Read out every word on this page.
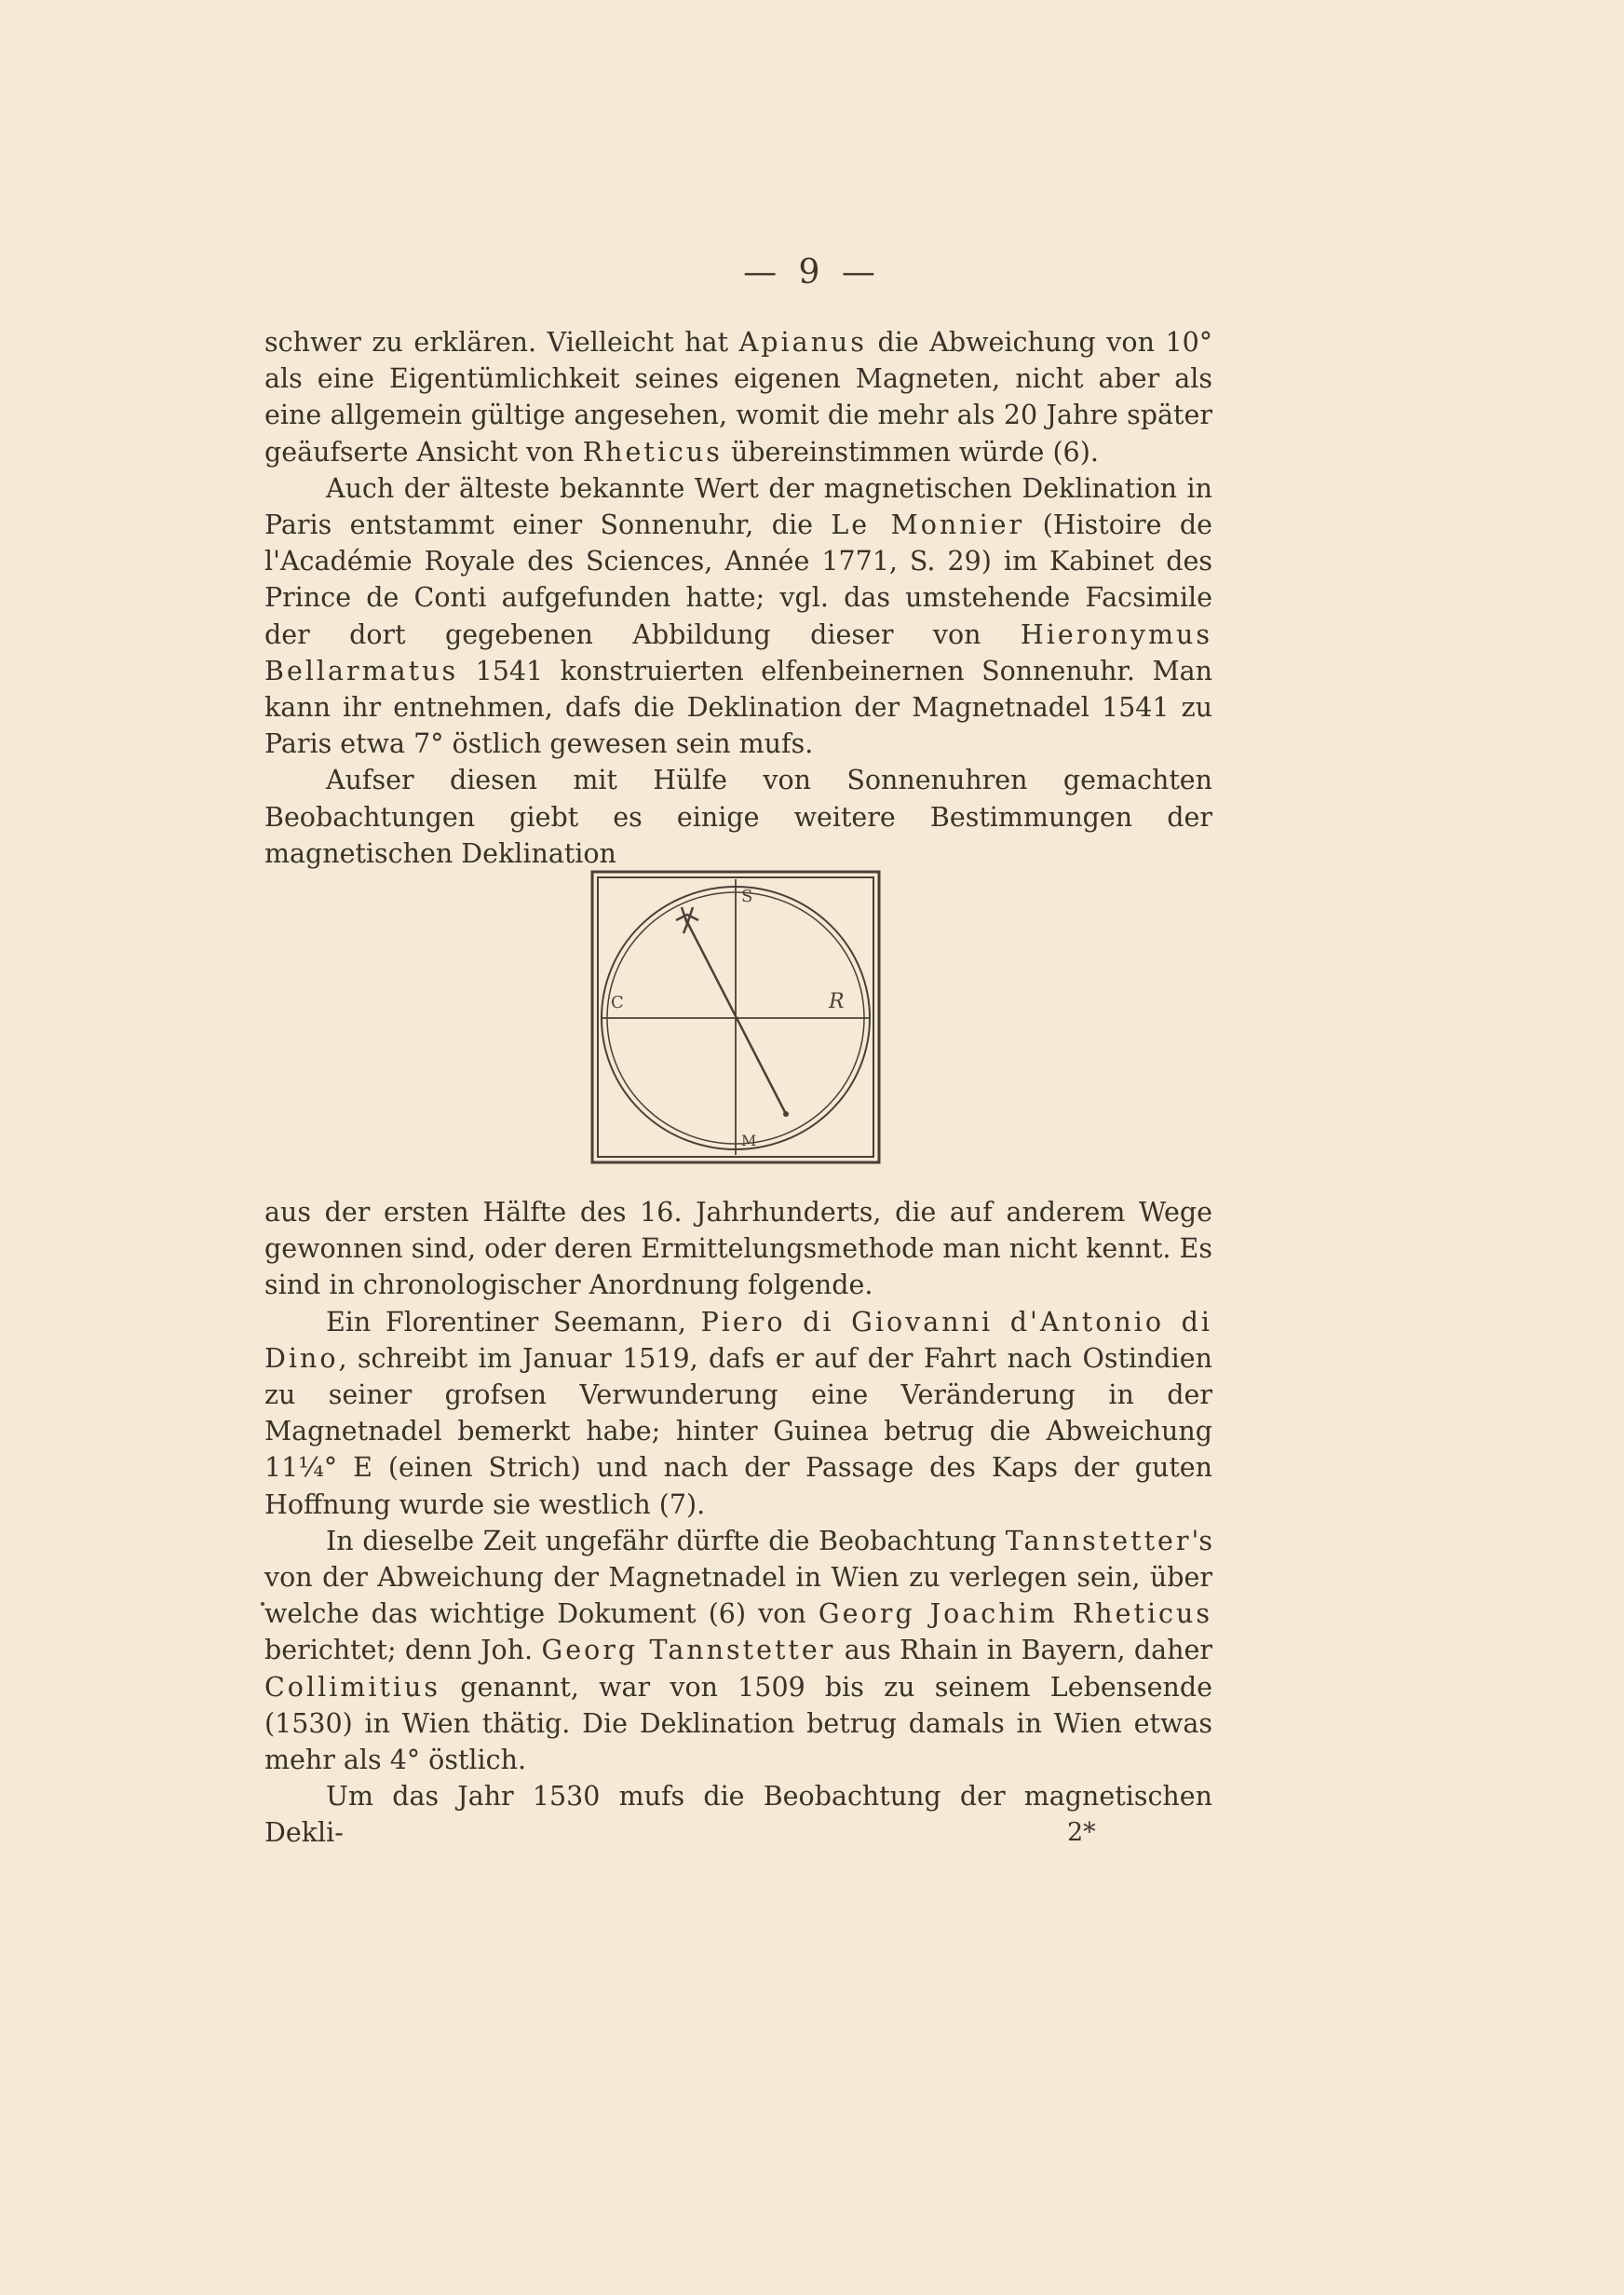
— 9 —

schwer zu erklären. Vielleicht hat Apianus die Abweichung von 10° als eine Eigentümlichkeit seines eigenen Magneten, nicht aber als eine allgemein gültige angesehen, womit die mehr als 20 Jahre später geäufserte Ansicht von Rheticus übereinstimmen würde (6).

Auch der älteste bekannte Wert der magnetischen Deklination in Paris entstammt einer Sonnenuhr, die Le Monnier (Histoire de l'Académie Royale des Sciences, Année 1771, S. 29) im Kabinet des Prince de Conti aufgefunden hatte; vgl. das umstehende Facsimile der dort gegebenen Abbildung dieser von Hieronymus Bellarmatus 1541 konstruierten elfenbeinernen Sonnenuhr. Man kann ihr entnehmen, dafs die Deklination der Magnetnadel 1541 zu Paris etwa 7° östlich gewesen sein mufs.

Aufser diesen mit Hülfe von Sonnenuhren gemachten Beobachtungen giebt es einige weitere Bestimmungen der magnetischen Deklination

S
C	R
M

aus der ersten Hälfte des 16. Jahrhunderts, die auf anderem Wege gewonnen sind, oder deren Ermittelungsmethode man nicht kennt. Es sind in chronologischer Anordnung folgende.

Ein Florentiner Seemann, Piero di Giovanni d'Antonio di Dino, schreibt im Januar 1519, dafs er auf der Fahrt nach Ostindien zu seiner grofsen Verwunderung eine Veränderung in der Magnetnadel bemerkt habe; hinter Guinea betrug die Abweichung 11¼° E (einen Strich) und nach der Passage des Kaps der guten Hoffnung wurde sie westlich (7).

In dieselbe Zeit ungefähr dürfte die Beobachtung Tannstetter's von der Abweichung der Magnetnadel in Wien zu verlegen sein, über welche das wichtige Dokument (6) von Georg Joachim Rheticus berichtet; denn Joh. Georg Tannstetter aus Rhain in Bayern, daher Collimitius genannt, war von 1509 bis zu seinem Lebensende (1530) in Wien thätig. Die Deklination betrug damals in Wien etwas mehr als 4° östlich.

Um das Jahr 1530 mufs die Beobachtung der magnetischen Dekli-	2*
